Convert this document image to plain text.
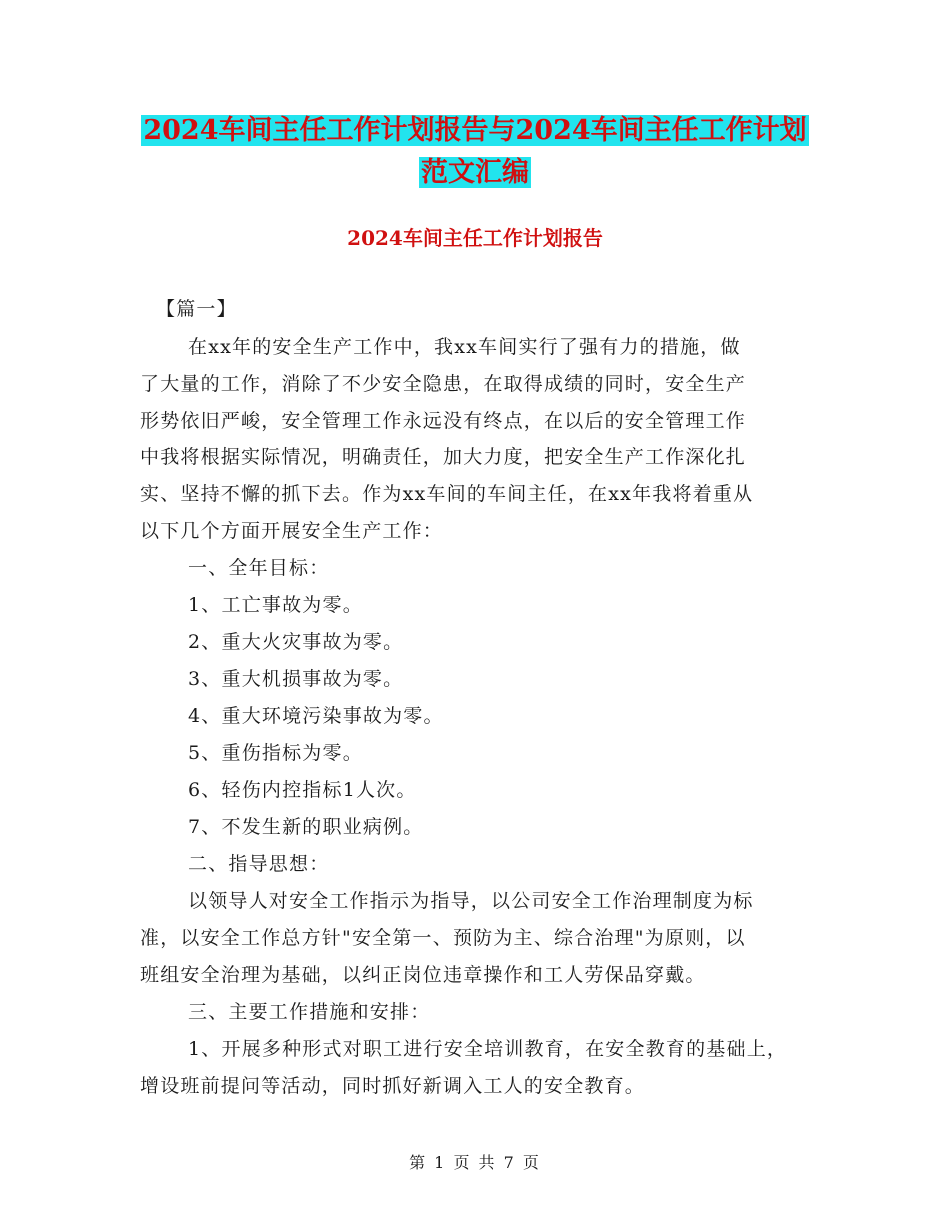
2024车间主任工作计划报告与2024车间主任工作计划
范文汇编
2024车间主任工作计划报告
【篇一】
在xx年的安全生产工作中，我xx车间实行了强有力的措施，做
了大量的工作，消除了不少安全隐患，在取得成绩的同时，安全生产
形势依旧严峻，安全管理工作永远没有终点，在以后的安全管理工作
中我将根据实际情况，明确责任，加大力度，把安全生产工作深化扎
实、坚持不懈的抓下去。作为xx车间的车间主任，在xx年我将着重从
以下几个方面开展安全生产工作：
一、全年目标：
1、工亡事故为零。
2、重大火灾事故为零。
3、重大机损事故为零。
4、重大环境污染事故为零。
5、重伤指标为零。
6、轻伤内控指标1人次。
7、不发生新的职业病例。
二、指导思想：
以领导人对安全工作指示为指导，以公司安全工作治理制度为标
准，以安全工作总方针"安全第一、预防为主、综合治理"为原则，以
班组安全治理为基础，以纠正岗位违章操作和工人劳保品穿戴。
三、主要工作措施和安排：
1、开展多种形式对职工进行安全培训教育，在安全教育的基础上，
增设班前提问等活动，同时抓好新调入工人的安全教育。
第 1 页 共 7 页
